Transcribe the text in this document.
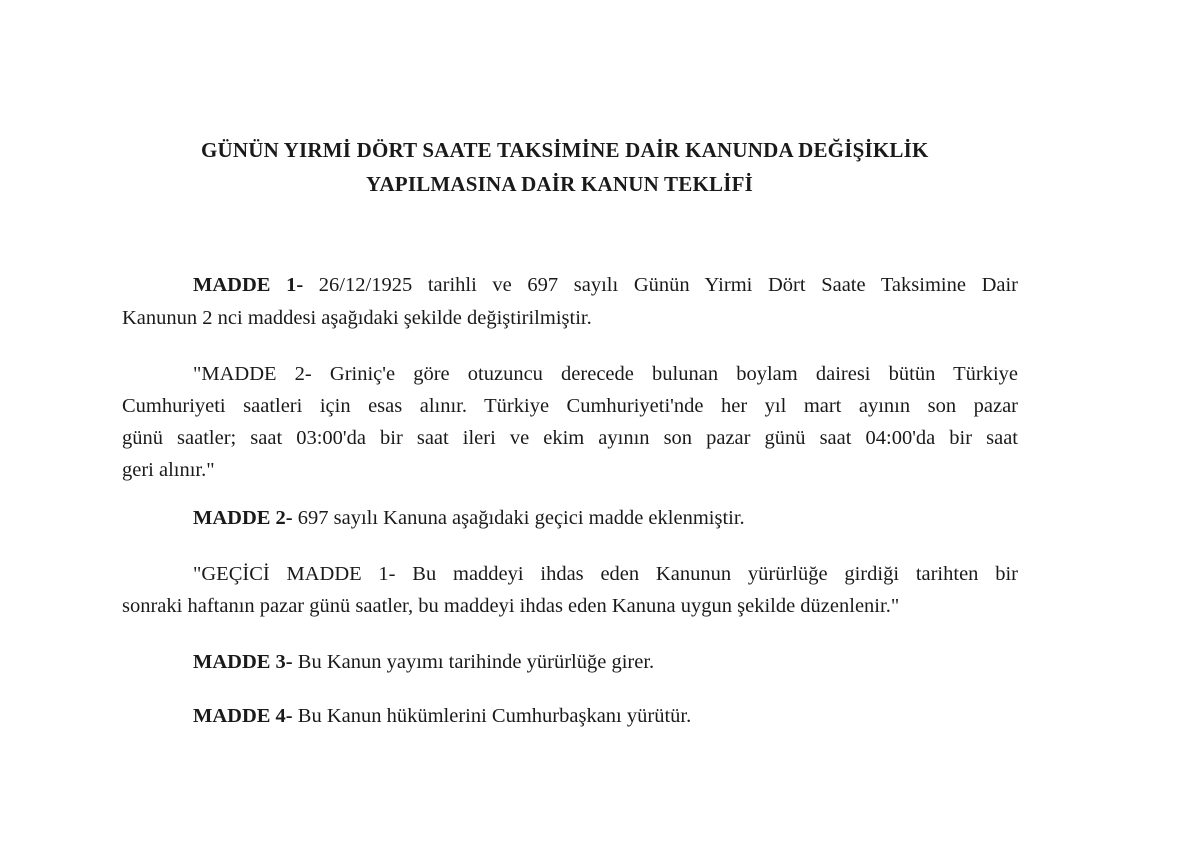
GÜNÜN YIRMİ DÖRT SAATE TAKSİMİNE DAİR KANUNDA DEĞİŞİKLİK
YAPILMASINA DAİR KANUN TEKLİFİ
MADDE 1- 26/12/1925 tarihli ve 697 sayılı Günün Yirmi Dört Saate Taksimine Dair
Kanunun 2 nci maddesi aşağıdaki şekilde değiştirilmiştir.
"MADDE 2- Griniç'e göre otuzuncu derecede bulunan boylam dairesi bütün Türkiye
Cumhuriyeti saatleri için esas alınır. Türkiye Cumhuriyeti'nde her yıl mart ayının son pazar
günü saatler; saat 03:00'da bir saat ileri ve ekim ayının son pazar günü saat 04:00'da bir saat
geri alınır."
MADDE 2- 697 sayılı Kanuna aşağıdaki geçici madde eklenmiştir.
"GEÇİCİ MADDE 1- Bu maddeyi ihdas eden Kanunun yürürlüğe girdiği tarihten bir
sonraki haftanın pazar günü saatler, bu maddeyi ihdas eden Kanuna uygun şekilde düzenlenir."
MADDE 3- Bu Kanun yayımı tarihinde yürürlüğe girer.
MADDE 4- Bu Kanun hükümlerini Cumhurbaşkanı yürütür.
